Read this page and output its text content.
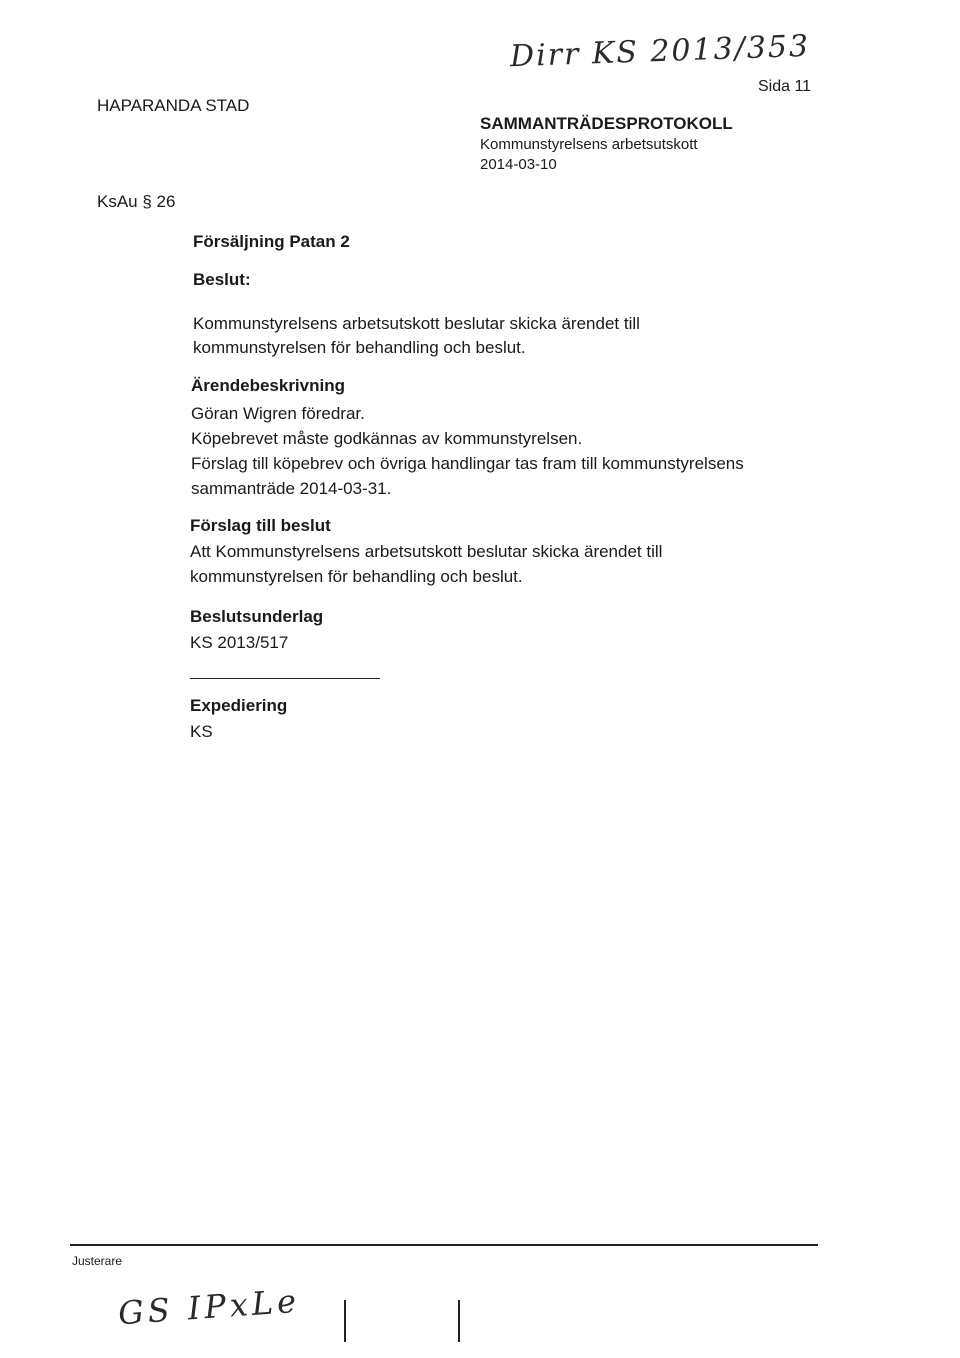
Dirr KS 2013/353
HAPARANDA STAD
Sida 11
SAMMANTRÄDESPROTOKOLL
Kommunstyrelsens arbetsutskott
2014-03-10
KsAu § 26
Försäljning Patan 2
Beslut:
Kommunstyrelsens arbetsutskott beslutar skicka ärendet till
kommunstyrelsen för behandling och beslut.
Ärendebeskrivning
Göran Wigren föredrar.
Köpebrevet måste godkännas av kommunstyrelsen.
Förslag till köpebrev och övriga handlingar tas fram till kommunstyrelsens
sammanträde 2014-03-31.
Förslag till beslut
Att Kommunstyrelsens arbetsutskott beslutar skicka ärendet till
kommunstyrelsen för behandling och beslut.
Beslutsunderlag
KS 2013/517
Expediering
KS
Justerare
GS IPxLe
